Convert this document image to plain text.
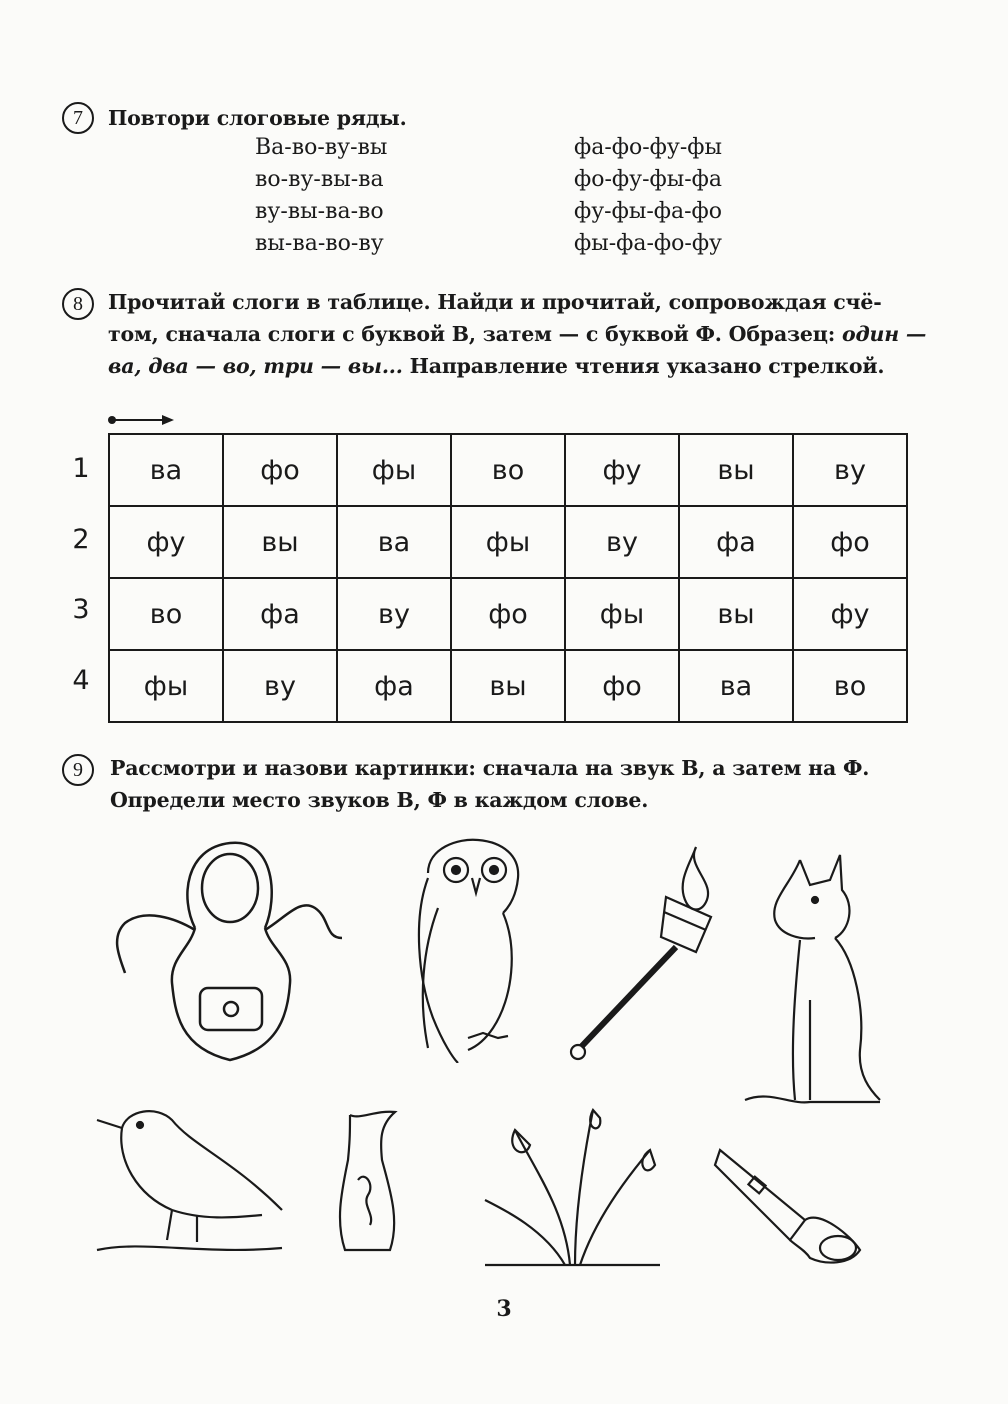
7	Повтори слоговые ряды.
Ва-во-ву-вы
во-ву-вы-ва
ву-вы-ва-во
вы-ва-во-ву
фа-фо-фу-фы
фо-фу-фы-фа
фу-фы-фа-фо
фы-фа-фо-фу
8	Прочитай слоги в таблице. Найди и прочитай, сопровождая счё-
том, сначала слоги с буквой В, затем — с буквой Ф. Образец: один —
ва, два — во, три — вы... Направление чтения указано стрелкой.
1
2
3
4
ва	фо	фы	во	фу	вы	ву
фу	вы	ва	фы	ву	фа	фо
во	фа	ву	фо	фы	вы	фу
фы	ву	фа	вы	фо	ва	во
9	Рассмотри и назови картинки: сначала на звук В, а затем на Ф.
Определи место звуков В, Ф в каждом слове.
3
